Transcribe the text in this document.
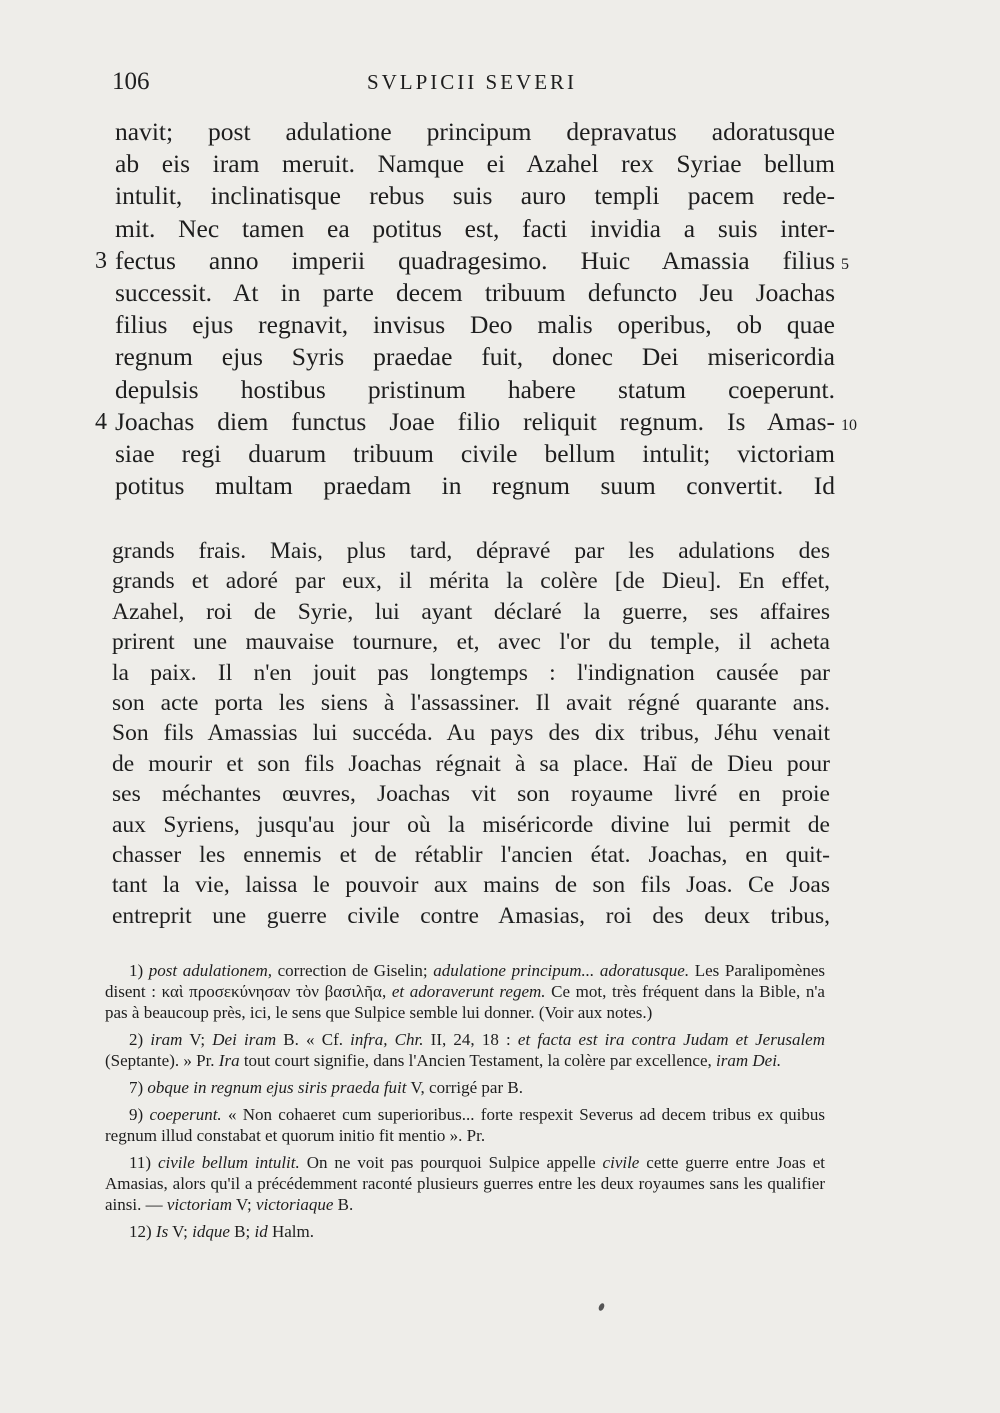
106	SVLPICII SEVERI
navit; post adulatione principum depravatus adoratusque
ab eis iram meruit. Namque ei Azahel rex Syriae bellum
intulit, inclinatisque rebus suis auro templi pacem rede-
mit. Nec tamen ea potitus est, facti invidia a suis inter-
3 fectus anno imperii quadragesimo. Huic Amassia filius 5
successit. At in parte decem tribuum defuncto Jeu Joachas
filius ejus regnavit, invisus Deo malis operibus, ob quae
regnum ejus Syris praedae fuit, donec Dei misericordia
depulsis hostibus pristinum habere statum coeperunt.
4 Joachas diem functus Joae filio reliquit regnum. Is Amas- 10
siae regi duarum tribuum civile bellum intulit; victoriam
potitus multam praedam in regnum suum convertit. Id
grands frais. Mais, plus tard, dépravé par les adulations des
grands et adoré par eux, il mérita la colère [de Dieu]. En effet,
Azahel, roi de Syrie, lui ayant déclaré la guerre, ses affaires
prirent une mauvaise tournure, et, avec l'or du temple, il acheta
la paix. Il n'en jouit pas longtemps : l'indignation causée par
son acte porta les siens à l'assassiner. Il avait régné quarante ans.
Son fils Amassias lui succéda. Au pays des dix tribus, Jéhu venait
de mourir et son fils Joachas régnait à sa place. Haï de Dieu pour
ses méchantes œuvres, Joachas vit son royaume livré en proie
aux Syriens, jusqu'au jour où la miséricorde divine lui permit de
chasser les ennemis et de rétablir l'ancien état. Joachas, en quit-
tant la vie, laissa le pouvoir aux mains de son fils Joas. Ce Joas
entreprit une guerre civile contre Amasias, roi des deux tribus,

1) post adulationem, correction de Giselin; adulatione principum... adoratusque. Les Paralipomènes disent : καὶ προσεκύνησαν τὸν βασιλῆα, et adoraverunt regem. Ce mot, très fréquent dans la Bible, n'a pas à beaucoup près, ici, le sens que Sulpice semble lui donner. (Voir aux notes.)

2) iram V; Dei iram B. « Cf. infra, Chr. II, 24, 18 : et facta est ira contra Judam et Jerusalem (Septante). » Pr. Ira tout court signifie, dans l'Ancien Testament, la colère par excellence, iram Dei.

7) obque in regnum ejus siris praeda fuit V, corrigé par B.

9) coeperunt. « Non cohaeret cum superioribus... forte respexit Severus ad decem tribus ex quibus regnum illud constabat et quorum initio fit mentio ». Pr.

11) civile bellum intulit. On ne voit pas pourquoi Sulpice appelle civile cette guerre entre Joas et Amasias, alors qu'il a précédemment raconté plusieurs guerres entre les deux royaumes sans les qualifier ainsi. — victoriam V; victoriaque B.

12) Is V; idque B; id Halm.
